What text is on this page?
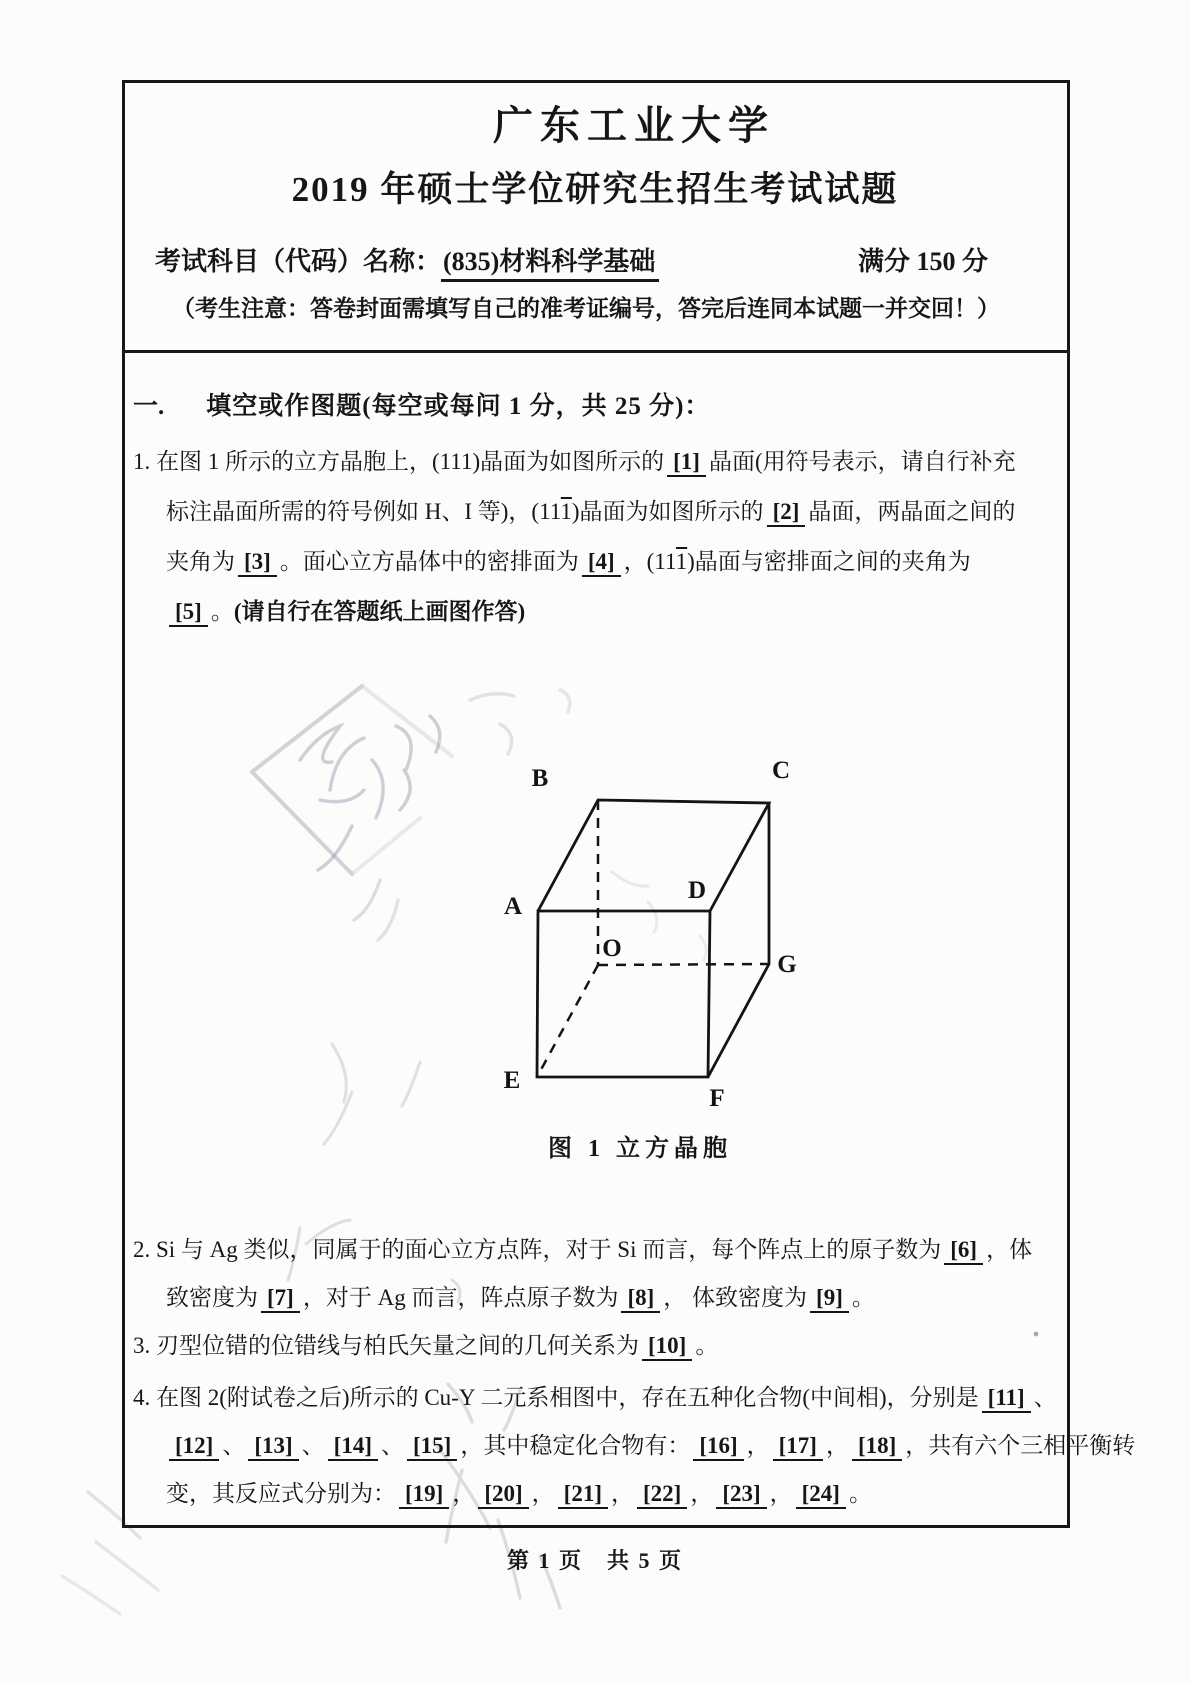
广东工业大学
2019 年硕士学位研究生招生考试试题
考试科目（代码）名称：(835)材料科学基础	满分 150 分
（考生注意：答卷封面需填写自己的准考证编号，答完后连同本试题一并交回！）
一. 填空或作图题(每空或每问 1 分，共 25 分)：
1. 在图 1 所示的立方晶胞上，(111)晶面为如图所示的 [1] 晶面(用符号表示，请自行补充
标注晶面所需的符号例如 H、I 等)，(111)晶面为如图所示的 [2] 晶面，两晶面之间的
夹角为 [3] 。面心立方晶体中的密排面为 [4] ，(111)晶面与密排面之间的夹角为
[5] 。(请自行在答题纸上画图作答)
2. Si 与 Ag 类似，同属于的面心立方点阵，对于 Si 而言，每个阵点上的原子数为 [6] ，体
致密度为 [7] ，对于 Ag 而言，阵点原子数为 [8] ， 体致密度为 [9] 。
3. 刃型位错的位错线与柏氏矢量之间的几何关系为 [10] 。
4. 在图 2(附试卷之后)所示的 Cu-Y 二元系相图中，存在五种化合物(中间相)，分别是 [11] 、
[12] 、 [13] 、 [14] 、 [15] ，其中稳定化合物有： [16] ， [17] ， [18] ，共有六个三相平衡转
变，其反应式分别为： [19] ， [20] ， [21] ， [22] ， [23] ， [24] 。
B	C
A
D
O
G
E
F
图 1 立方晶胞
第 1 页　共 5 页
